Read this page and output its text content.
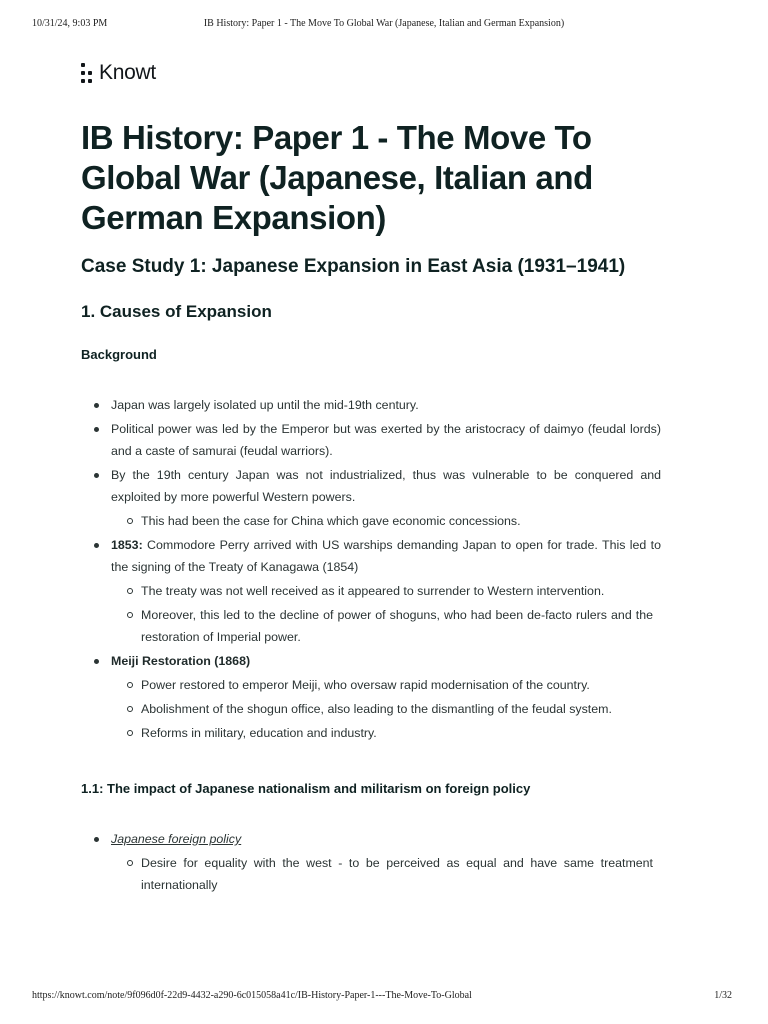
10/31/24, 9:03 PM	IB History: Paper 1 - The Move To Global War (Japanese, Italian and German Expansion)
Knowt
IB History: Paper 1 - The Move To Global War (Japanese, Italian and German Expansion)
Case Study 1: Japanese Expansion in East Asia (1931–1941)
1. Causes of Expansion
Background
Japan was largely isolated up until the mid-19th century.
Political power was led by the Emperor but was exerted by the aristocracy of daimyo (feudal lords) and a caste of samurai (feudal warriors).
By the 19th century Japan was not industrialized, thus was vulnerable to be conquered and exploited by more powerful Western powers.
This had been the case for China which gave economic concessions.
1853: Commodore Perry arrived with US warships demanding Japan to open for trade. This led to the signing of the Treaty of Kanagawa (1854)
The treaty was not well received as it appeared to surrender to Western intervention.
Moreover, this led to the decline of power of shoguns, who had been de-facto rulers and the restoration of Imperial power.
Meiji Restoration (1868)
Power restored to emperor Meiji, who oversaw rapid modernisation of the country.
Abolishment of the shogun office, also leading to the dismantling of the feudal system.
Reforms in military, education and industry.
1.1: The impact of Japanese nationalism and militarism on foreign policy
Japanese foreign policy
Desire for equality with the west - to be perceived as equal and have same treatment internationally
https://knowt.com/note/9f096d0f-22d9-4432-a290-6c015058a41c/IB-History-Paper-1---The-Move-To-Global	1/32
